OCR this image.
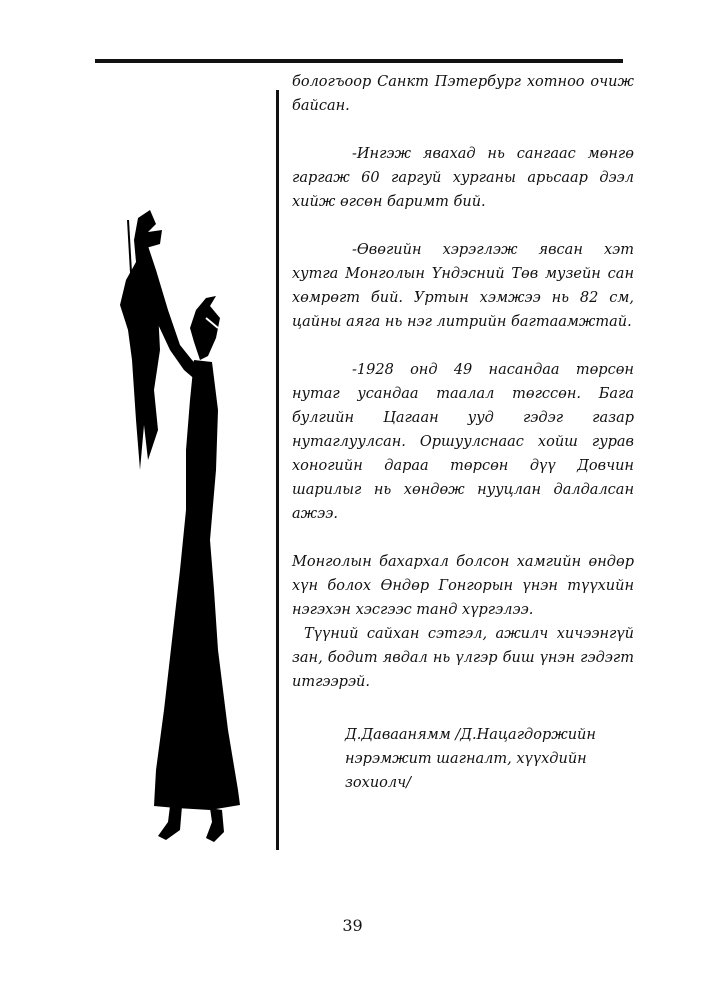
бологъоор Санкт Пэтербург хотноо очиж байсан.

-Ингэж явахад нь сангаас мөнгө гаргаж 60 гаргуй хурганы арьсаар дээл хийж өгсөн баримт бий.

-Өвөгийн хэрэглэж явсан хэт хутга Монголын Үндэсний Төв музейн сан хөмрөгт бий. Уртын хэмжээ нь 82 см, цайны аяга нь нэг литрийн багтаамжтай.

-1928 онд 49 насандаа төрсөн нутаг усандаа таалал төгссөн. Бага булгийн Цагаан ууд гэдэг газар нутаглуулсан. Оршуулснаас хойш гурав хоногийн дараа төрсөн дүү Довчин шарилыг нь хөндөж нууцлан далдалсан ажээ.

Монголын бахархал болсон хамгийн өндөр хүн болох Өндөр Гонгорын үнэн түүхийн нэгэхэн хэсгээс танд хүргэлээ.

Түүний сайхан сэтгэл, ажилч хичээнгүй зан, бодит явдал нь үлгэр биш үнэн гэдэгт итгээрэй.

Д.Даваанямм /Д.Нацагдоржийн
нэрэмжит шагналт, хүүхдийн зохиолч/
39
